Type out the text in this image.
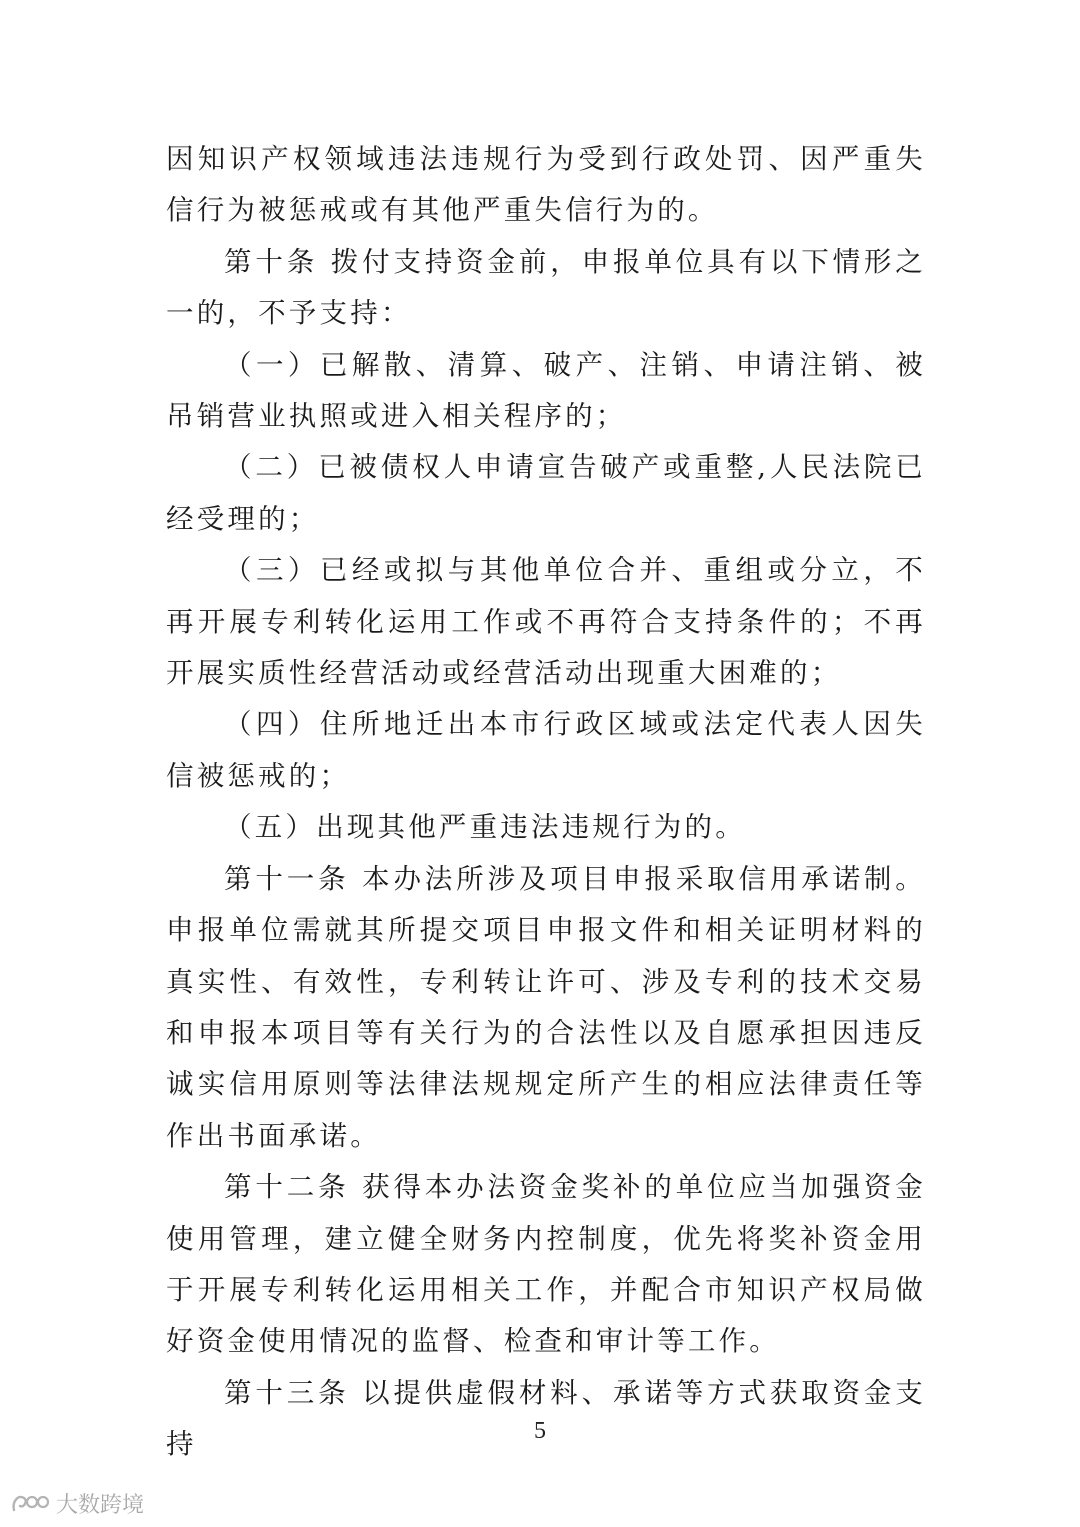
因知识产权领域违法违规行为受到行政处罚、因严重失信行为被惩戒或有其他严重失信行为的。

第十条 拨付支持资金前，申报单位具有以下情形之一的，不予支持：

（一）已解散、清算、破产、注销、申请注销、被吊销营业执照或进入相关程序的；

（二）已被债权人申请宣告破产或重整,人民法院已经受理的；

（三）已经或拟与其他单位合并、重组或分立，不再开展专利转化运用工作或不再符合支持条件的；不再开展实质性经营活动或经营活动出现重大困难的；

（四）住所地迁出本市行政区域或法定代表人因失信被惩戒的；

（五）出现其他严重违法违规行为的。

第十一条 本办法所涉及项目申报采取信用承诺制。申报单位需就其所提交项目申报文件和相关证明材料的真实性、有效性，专利转让许可、涉及专利的技术交易和申报本项目等有关行为的合法性以及自愿承担因违反诚实信用原则等法律法规规定所产生的相应法律责任等作出书面承诺。

第十二条 获得本办法资金奖补的单位应当加强资金使用管理，建立健全财务内控制度，优先将奖补资金用于开展专利转化运用相关工作，并配合市知识产权局做好资金使用情况的监督、检查和审计等工作。

第十三条 以提供虚假材料、承诺等方式获取资金支持	5
大数跨境
